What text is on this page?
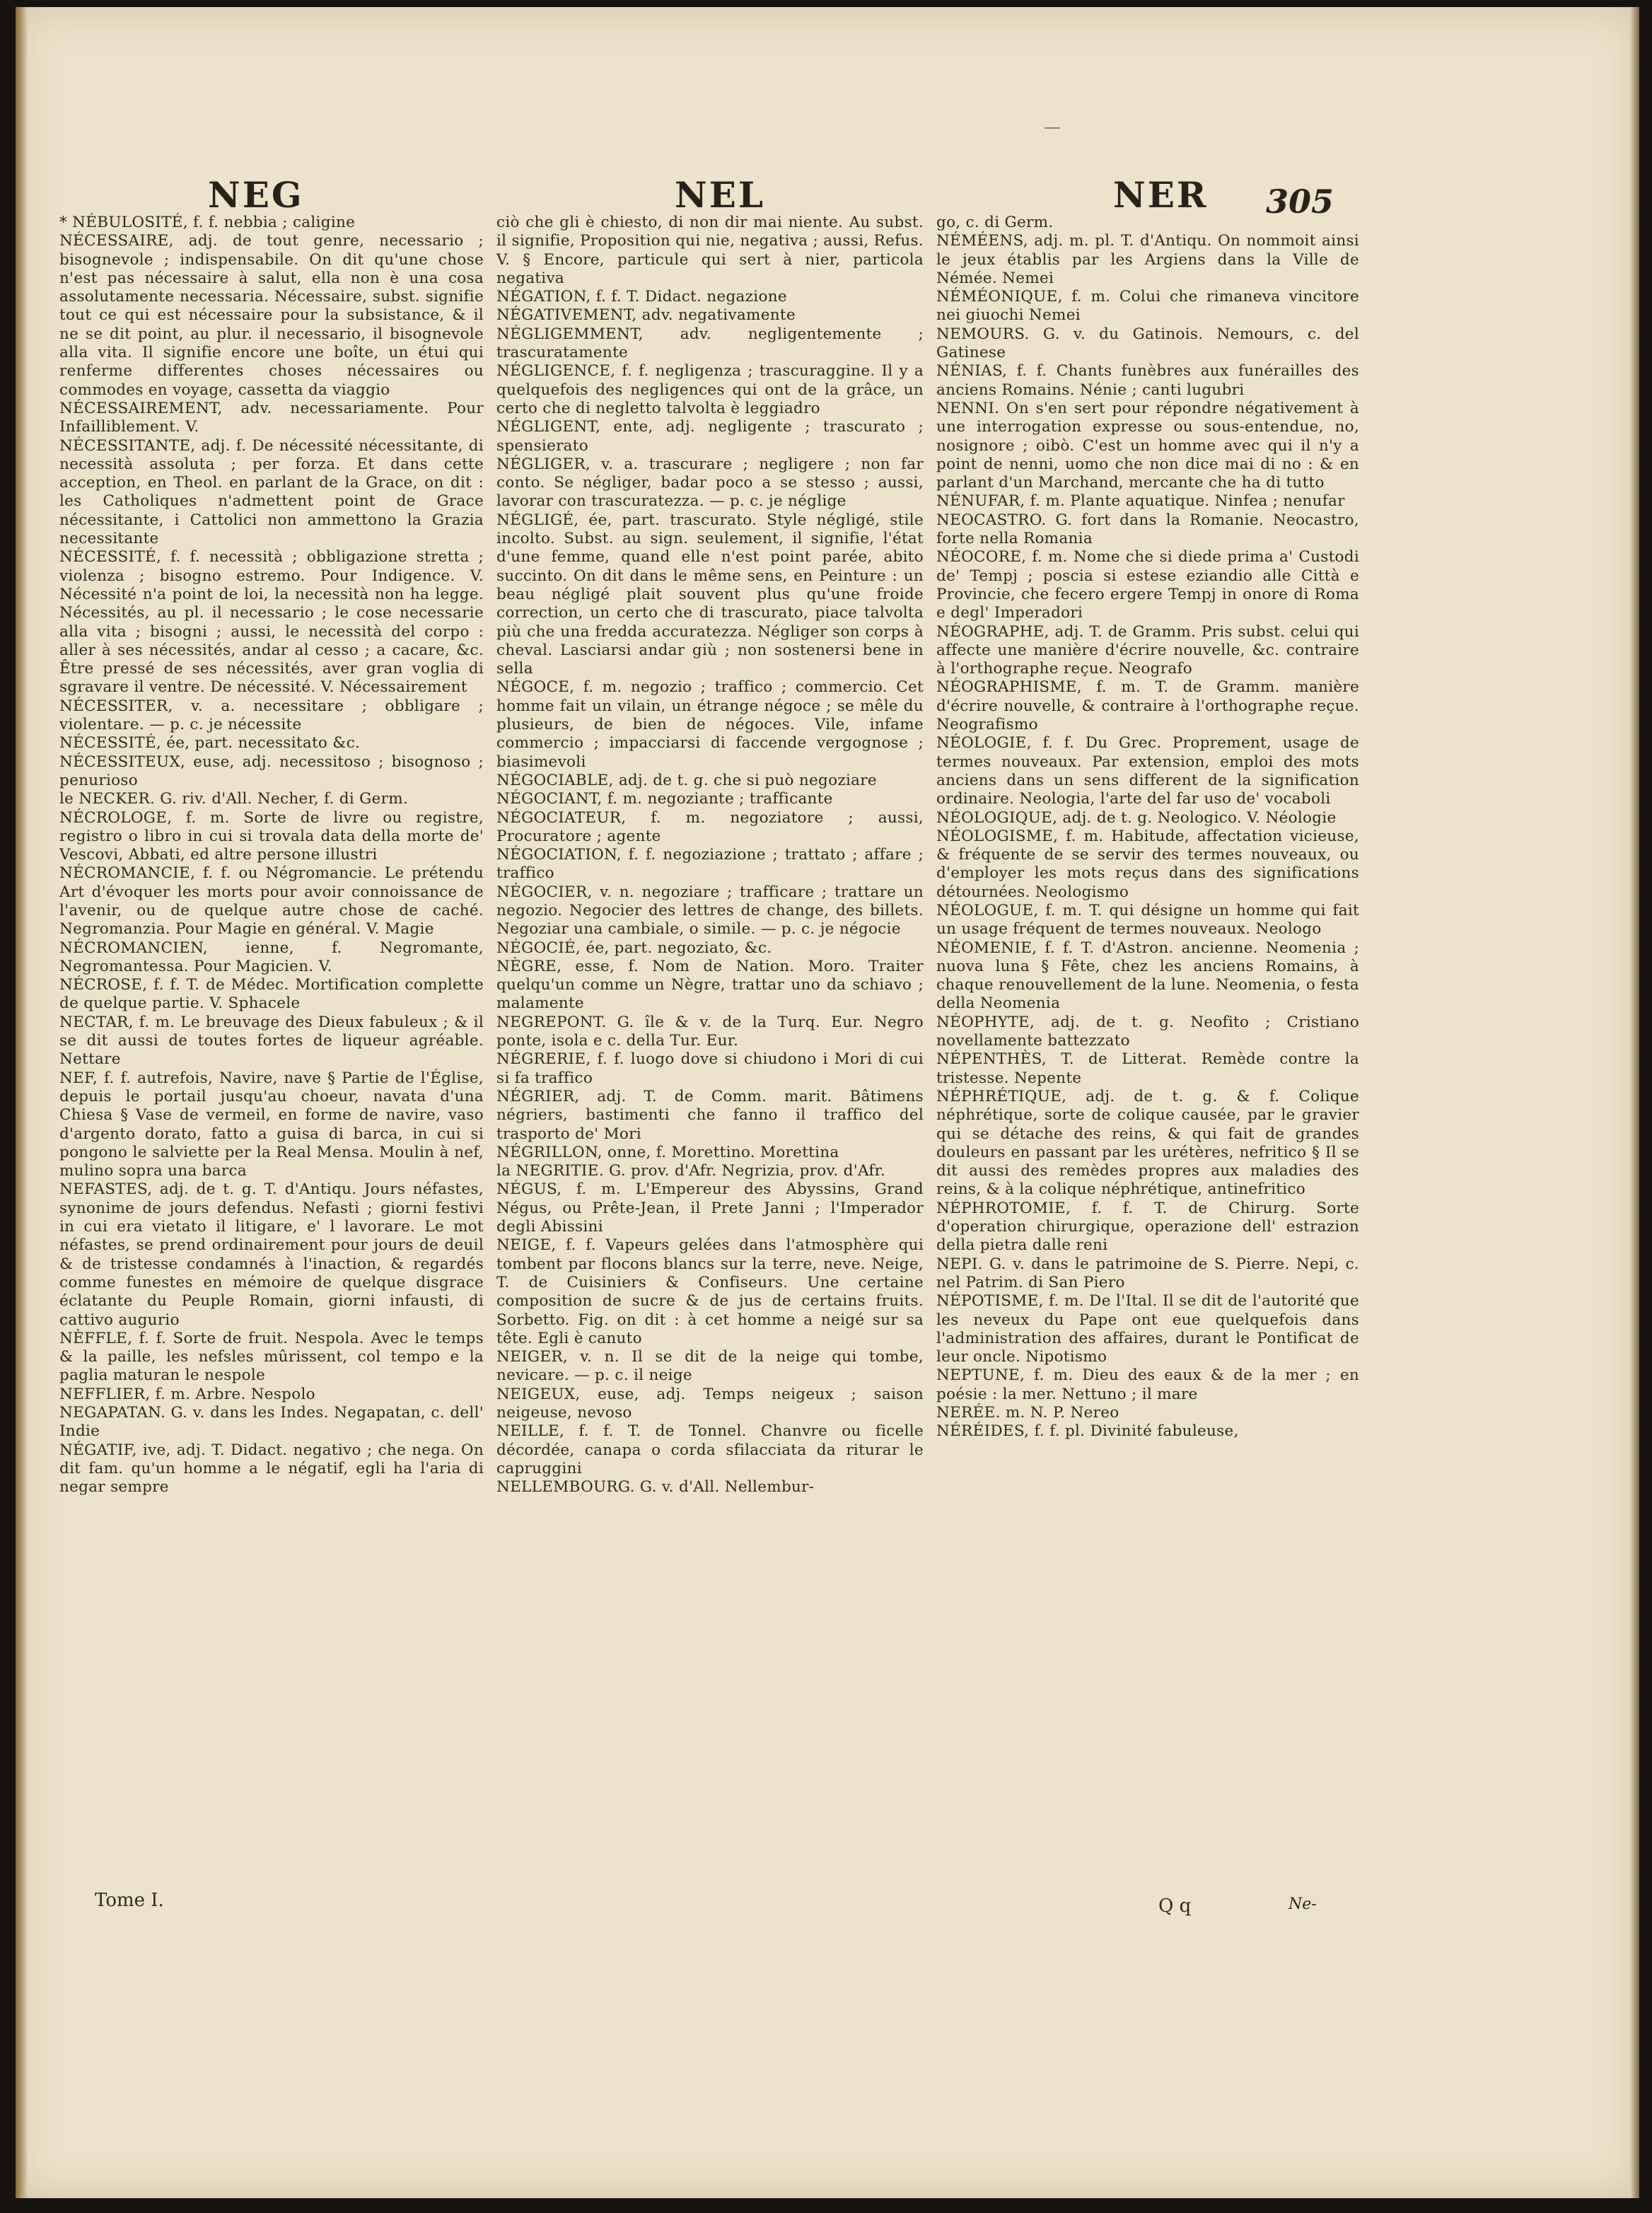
NEG	NEL	NER 305

* NÉBULOSITÉ, f. f. nebbia ; caligine

NÉCESSAIRE, adj. de tout genre, necessario ; bisognevole ; indispensabile. On dit qu'une chose n'est pas nécessaire à salut, ella non è una cosa assolutamente necessaria. Nécessaire, subst. signifie tout ce qui est nécessaire pour la subsistance, & il ne se dit point, au plur. il necessario, il bisognevole alla vita. Il signifie encore une boîte, un étui qui renferme differentes choses nécessaires ou commodes en voyage, cassetta da viaggio

NÉCESSAIREMENT, adv. necessariamente. Pour Infailliblement. V.

NÉCESSITANTE, adj. f. De nécessité nécessitante, di necessità assoluta ; per forza. Et dans cette acception, en Theol. en parlant de la Grace, on dit : les Catholiques n'admettent point de Grace nécessitante, i Cattolici non ammettono la Grazia necessitante

NÉCESSITÉ, f. f. necessità ; obbligazione stretta ; violenza ; bisogno estremo. Pour Indigence. V. Nécessité n'a point de loi, la necessità non ha legge. Nécessités, au pl. il necessario ; le cose necessarie alla vita ; bisogni ; aussi, le necessità del corpo : aller à ses nécessités, andar al cesso ; a cacare, &c. Être pressé de ses nécessités, aver gran voglia di sgravare il ventre. De nécessité. V. Nécessairement

NÉCESSITER, v. a. necessitare ; obbligare ; violentare. — p. c. je nécessite

NÉCESSITÉ, ée, part. necessitato &c.

NÉCESSITEUX, euse, adj. necessitoso ; bisognoso ; penurioso

le NECKER. G. riv. d'All. Necher, f. di Germ.

NÉCROLOGE, f. m. Sorte de livre ou registre, registro o libro in cui si trovala data della morte de' Vescovi, Abbati, ed altre persone illustri

NÉCROMANCIE, f. f. ou Négromancie. Le prétendu Art d'évoquer les morts pour avoir connoissance de l'avenir, ou de quelque autre chose de caché. Negromanzia. Pour Magie en général. V. Magie

NÉCROMANCIEN, ienne, f. Negromante, Negromantessa. Pour Magicien. V.

NÉCROSE, f. f. T. de Médec. Mortification complette de quelque partie. V. Sphacele

NECTAR, f. m. Le breuvage des Dieux fabuleux ; & il se dit aussi de toutes fortes de liqueur agréable. Nettare

NEF, f. f. autrefois, Navire, nave § Partie de l'Église, depuis le portail jusqu'au choeur, navata d'una Chiesa § Vase de vermeil, en forme de navire, vaso d'argento dorato, fatto a guisa di barca, in cui si pongono le salviette per la Real Mensa. Moulin à nef, mulino sopra una barca

NEFASTES, adj. de t. g. T. d'Antiqu. Jours néfastes, synonime de jours defendus. Nefasti ; giorni festivi in cui era vietato il litigare, e' l lavorare. Le mot néfastes, se prend ordinairement pour jours de deuil & de tristesse condamnés à l'inaction, & regardés comme funestes en mémoire de quelque disgrace éclatante du Peuple Romain, giorni infausti, di cattivo augurio

NÈFFLE, f. f. Sorte de fruit. Nespola. Avec le temps & la paille, les nefsles mûrissent, col tempo e la paglia maturan le nespole

NEFFLIER, f. m. Arbre. Nespolo

NEGAPATAN. G. v. dans les Indes. Negapatan, c. dell' Indie

NÉGATIF, ive, adj. T. Didact. negativo ; che nega. On dit fam. qu'un homme a le négatif, egli ha l'aria di negar sempre

ciò che gli è chiesto, di non dir mai niente. Au subst. il signifie, Proposition qui nie, negativa ; aussi, Refus. V. § Encore, particule qui sert à nier, particola negativa

NÉGATION, f. f. T. Didact. negazione

NÉGATIVEMENT, adv. negativamente

NÉGLIGEMMENT, adv. negligentemente ; trascuratamente

NÉGLIGENCE, f. f. negligenza ; trascuraggine. Il y a quelquefois des negligences qui ont de la grâce, un certo che di negletto talvolta è leggiadro

NÉGLIGENT, ente, adj. negligente ; trascurato ; spensierato

NÉGLIGER, v. a. trascurare ; negligere ; non far conto. Se négliger, badar poco a se stesso ; aussi, lavorar con trascuratezza. — p. c. je néglige

NÉGLIGÉ, ée, part. trascurato. Style négligé, stile incolto. Subst. au sign. seulement, il signifie, l'état d'une femme, quand elle n'est point parée, abito succinto. On dit dans le même sens, en Peinture : un beau négligé plait souvent plus qu'une froide correction, un certo che di trascurato, piace talvolta più che una fredda accuratezza. Négliger son corps à cheval. Lasciarsi andar giù ; non sostenersi bene in sella

NÉGOCE, f. m. negozio ; traffico ; commercio. Cet homme fait un vilain, un étrange négoce ; se mêle du plusieurs, de bien de négoces. Vile, infame commercio ; impacciarsi di faccende vergognose ; biasimevoli

NÉGOCIABLE, adj. de t. g. che si può negoziare

NÉGOCIANT, f. m. negoziante ; trafficante

NÉGOCIATEUR, f. m. negoziatore ; aussi, Procuratore ; agente

NÉGOCIATION, f. f. negoziazione ; trattato ; affare ; traffico

NÉGOCIER, v. n. negoziare ; trafficare ; trattare un negozio. Negocier des lettres de change, des billets. Negoziar una cambiale, o simile. — p. c. je négocie

NÉGOCIÉ, ée, part. negoziato, &c.

NÈGRE, esse, f. Nom de Nation. Moro. Traiter quelqu'un comme un Nègre, trattar uno da schiavo ; malamente

NEGREPONT. G. île & v. de la Turq. Eur. Negro ponte, isola e c. della Tur. Eur.

NÉGRERIE, f. f. luogo dove si chiudono i Mori di cui si fa traffico

NÉGRIER, adj. T. de Comm. marit. Bâtimens négriers, bastimenti che fanno il traffico del trasporto de' Mori

NÉGRILLON, onne, f. Morettino. Morettina

la NEGRITIE. G. prov. d'Afr. Negrizia, prov. d'Afr.

NÉGUS, f. m. L'Empereur des Abyssins, Grand Négus, ou Prête-Jean, il Prete Janni ; l'Imperador degli Abissini

NEIGE, f. f. Vapeurs gelées dans l'atmosphère qui tombent par flocons blancs sur la terre, neve. Neige, T. de Cuisiniers & Confiseurs. Une certaine composition de sucre & de jus de certains fruits. Sorbetto. Fig. on dit : à cet homme a neigé sur sa tête. Egli è canuto

NEIGER, v. n. Il se dit de la neige qui tombe, nevicare. — p. c. il neige

NEIGEUX, euse, adj. Temps neigeux ; saison neigeuse, nevoso

NEILLE, f. f. T. de Tonnel. Chanvre ou ficelle décordée, canapa o corda sfilacciata da riturar le capruggini

NELLEMBOURG. G. v. d'All. Nellembur-

go, c. di Germ.

NÉMÉENS, adj. m. pl. T. d'Antiqu. On nommoit ainsi le jeux établis par les Argiens dans la Ville de Némée. Nemei

NÉMÉONIQUE, f. m. Colui che rimaneva vincitore nei giuochi Nemei

NEMOURS. G. v. du Gatinois. Nemours, c. del Gatinese

NÉNIAS, f. f. Chants funèbres aux funérailles des anciens Romains. Nénie ; canti lugubri

NENNI. On s'en sert pour répondre négativement à une interrogation expresse ou sous-entendue, no, nosignore ; oibò. C'est un homme avec qui il n'y a point de nenni, uomo che non dice mai di no : & en parlant d'un Marchand, mercante che ha di tutto

NÉNUFAR, f. m. Plante aquatique. Ninfea ; nenufar

NEOCASTRO. G. fort dans la Romanie. Neocastro, forte nella Romania

NÉOCORE, f. m. Nome che si diede prima a' Custodi de' Tempj ; poscia si estese eziandio alle Città e Provincie, che fecero ergere Tempj in onore di Roma e degl' Imperadori

NÉOGRAPHE, adj. T. de Gramm. Pris subst. celui qui affecte une manière d'écrire nouvelle, &c. contraire à l'orthographe reçue. Neografo

NÉOGRAPHISME, f. m. T. de Gramm. manière d'écrire nouvelle, & contraire à l'orthographe reçue. Neografismo

NÉOLOGIE, f. f. Du Grec. Proprement, usage de termes nouveaux. Par extension, emploi des mots anciens dans un sens different de la signification ordinaire. Neologia, l'arte del far uso de' vocaboli

NÉOLOGIQUE, adj. de t. g. Neologico. V. Néologie

NÉOLOGISME, f. m. Habitude, affectation vicieuse, & fréquente de se servir des termes nouveaux, ou d'employer les mots reçus dans des significations détournées. Neologismo

NÉOLOGUE, f. m. T. qui désigne un homme qui fait un usage fréquent de termes nouveaux. Neologo

NÉOMENIE, f. f. T. d'Astron. ancienne. Neomenia ; nuova luna § Fête, chez les anciens Romains, à chaque renouvellement de la lune. Neomenia, o festa della Neomenia

NÉOPHYTE, adj. de t. g. Neofito ; Cristiano novellamente battezzato

NÉPENTHÈS, T. de Litterat. Remède contre la tristesse. Nepente

NÉPHRÉTIQUE, adj. de t. g. & f. Colique néphrétique, sorte de colique causée, par le gravier qui se détache des reins, & qui fait de grandes douleurs en passant par les urétères, nefritico § Il se dit aussi des remèdes propres aux maladies des reins, & à la colique néphrétique, antinefritico

NÉPHROTOMIE, f. f. T. de Chirurg. Sorte d'operation chirurgique, operazione dell' estrazion della pietra dalle reni

NEPI. G. v. dans le patrimoine de S. Pierre. Nepi, c. nel Patrim. di San Piero

NÉPOTISME, f. m. De l'Ital. Il se dit de l'autorité que les neveux du Pape ont eue quelquefois dans l'administration des affaires, durant le Pontificat de leur oncle. Nipotismo

NEPTUNE, f. m. Dieu des eaux & de la mer ; en poésie : la mer. Nettuno ; il mare

NERÉE. m. N. P. Nereo

NÉRÉIDES, f. f. pl. Divinité fabuleuse,

Tome I.	Q q	Ne-
